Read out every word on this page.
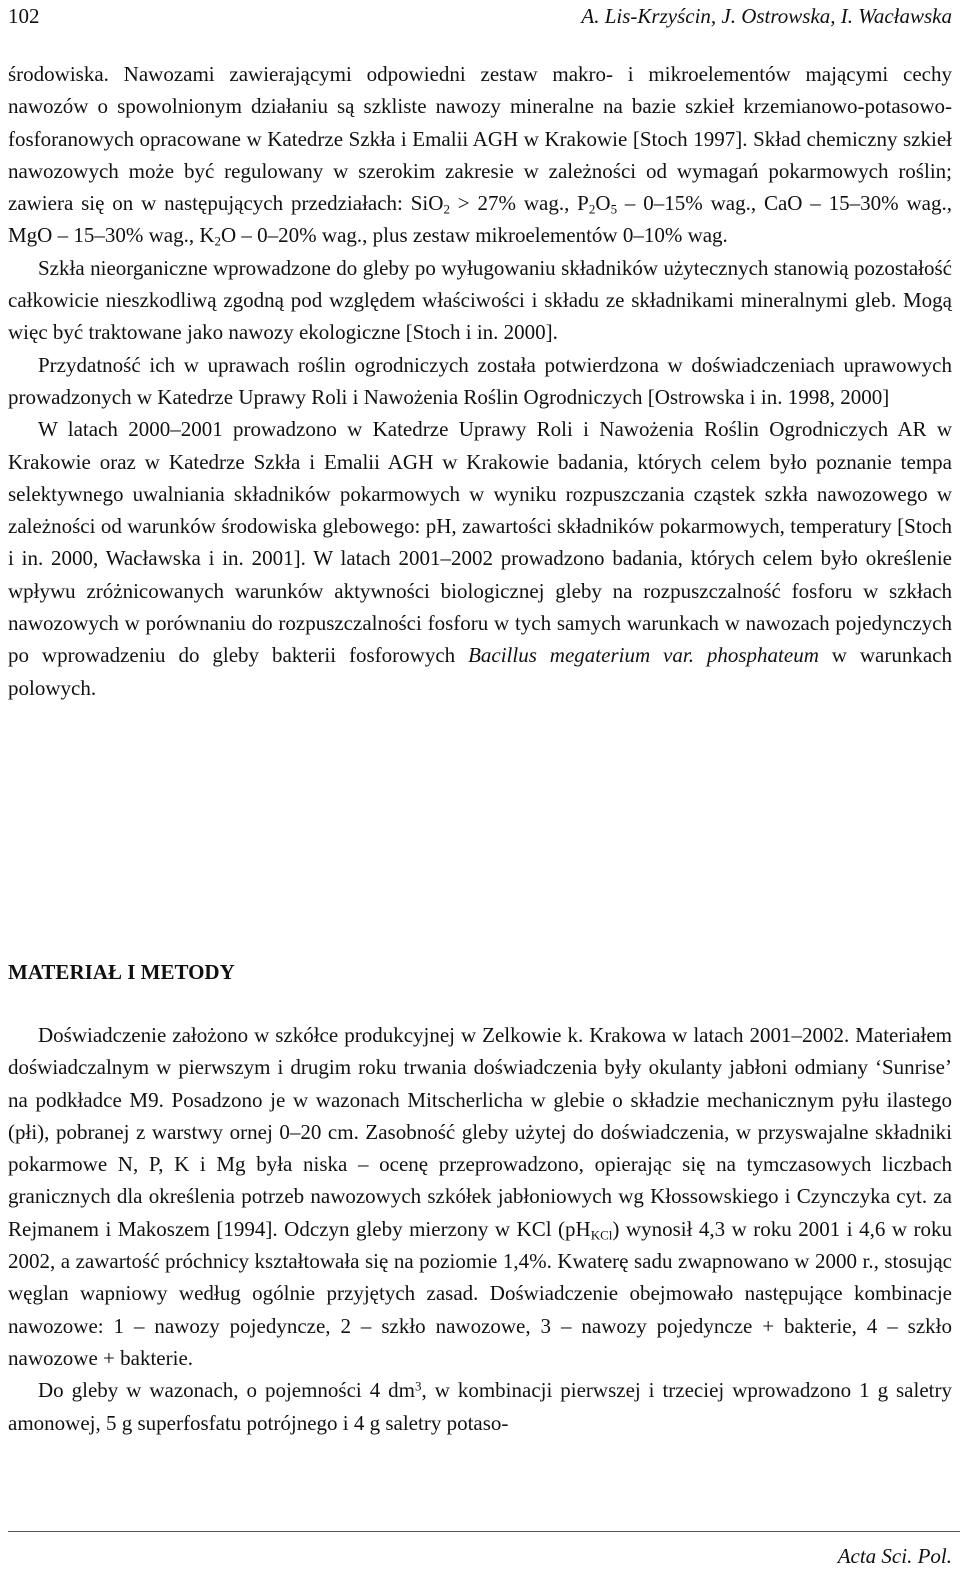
102	A. Lis-Krzyścin, J. Ostrowska, I. Wacławska

środowiska. Nawozami zawierającymi odpowiedni zestaw makro- i mikroelementów mającymi cechy nawozów o spowolnionym działaniu są szkliste nawozy mineralne na bazie szkieł krzemianowo-potasowo-fosforanowych opracowane w Katedrze Szkła i Emalii AGH w Krakowie [Stoch 1997]. Skład chemiczny szkieł nawozowych może być regulowany w szerokim zakresie w zależności od wymagań pokarmowych roślin; zawiera się on w następujących przedziałach: SiO$_2$ > 27% wag., $P_2O_5 - 0-15\%$ wag., CaO – 15–30% wag., MgO – 15–30% wag., $K_2O - 0-20\%$ wag., plus zestaw mikroelementów 0–10% wag.

Szkła nieorganiczne wprowadzone do gleby po wyługowaniu składników użytecznych stanowią pozostałość całkowicie nieszkodliwą zgodną pod względem właściwości i składu ze składnikami mineralnymi gleb. Mogą więc być traktowane jako nawozy ekologiczne [Stoch i in. 2000].

Przydatność ich w uprawach roślin ogrodniczych została potwierdzona w doświadczeniach uprawowych prowadzonych w Katedrze Uprawy Roli i Nawożenia Roślin Ogrodniczych [Ostrowska i in. 1998, 2000]

W latach 2000–2001 prowadzono w Katedrze Uprawy Roli i Nawożenia Roślin Ogrodniczych AR w Krakowie oraz w Katedrze Szkła i Emalii AGH w Krakowie badania, których celem było poznanie tempa selektywnego uwalniania składników pokarmowych w wyniku rozpuszczania cząstek szkła nawozowego w zależności od warunków środowiska glebowego: pH, zawartości składników pokarmowych, temperatury [Stoch i in. 2000, Wacławska i in. 2001]. W latach 2001–2002 prowadzono badania, których celem było określenie wpływu zróżnicowanych warunków aktywności biologicznej gleby na rozpuszczalność fosforu w szkłach nawozowych w porównaniu do rozpuszczalności fosforu w tych samych warunkach w nawozach pojedynczych po wprowadzeniu do gleby bakterii fosforowych Bacillus megaterium var. phosphateum w warunkach polowych.

MATERIAŁ I METODY

Doświadczenie założono w szkółce produkcyjnej w Zelkowie k. Krakowa w latach 2001–2002. Materiałem doświadczalnym w pierwszym i drugim roku trwania doświadczenia były okulanty jabłoni odmiany ‘Sunrise’ na podkładce M9. Posadzono je w wazonach Mitscherlicha w glebie o składzie mechanicznym pyłu ilastego (płi), pobranej z warstwy ornej 0–20 cm. Zasobność gleby użytej do doświadczenia, w przyswajalne składniki pokarmowe N, P, K i Mg była niska – ocenę przeprowadzono, opierając się na tymczasowych liczbach granicznych dla określenia potrzeb nawozowych szkółek jabłoniowych wg Kłossowskiego i Czynczyka cyt. za Rejmanem i Makoszem [1994]. Odczyn gleby mierzony w KCl $(pH_{KCl})$ wynosił 4,3 w roku 2001 i 4,6 w roku 2002, a zawartość próchnicy kształtowała się na poziomie 1,4%. Kwaterę sadu zwapnowano w 2000 r., stosując węglan wapniowy według ogólnie przyjętych zasad. Doświadczenie obejmowało następujące kombinacje nawozowe: 1 – nawozy pojedyncze, 2 – szkło nawozowe, 3 – nawozy pojedyncze + bakterie, 4 – szkło nawozowe + bakterie.

Do gleby w wazonach, o pojemności 4 $dm^3$, w kombinacji pierwszej i trzeciej wprowadzono 1 g saletry amonowej, 5 g superfosfatu potrójnego i 4 g saletry potaso-

Acta Sci. Pol.
